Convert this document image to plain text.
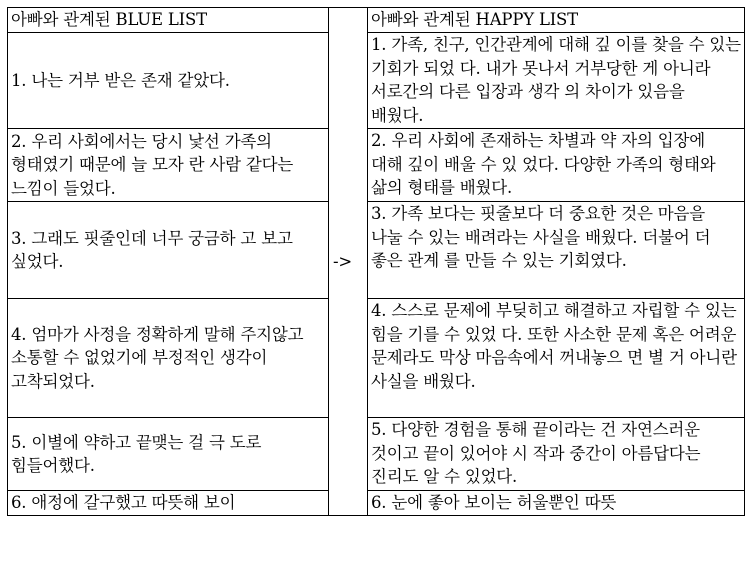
아빠와 관계된 BLUE LIST	->	아빠와 관계된 HAPPY LIST
1. 나는 거부 받은 존재 같았다.		1. 가족, 친구, 인간관계에 대해 깊 이를 찾을 수 있는 기회가 되었 다. 내가 못나서 거부당한 게 아니라 서로간의 다른 입장과 생각 의 차이가 있음을 배웠다.
2. 우리 사회에서는 당시 낯선 가족의 형태였기 때문에 늘 모자 란 사람 같다는 느낌이 들었다.		2. 우리 사회에 존재하는 차별과 약 자의 입장에 대해 깊이 배울 수 있 었다. 다양한 가족의 형태와 삶의 형태를 배웠다.
3. 그래도 핏줄인데 너무 궁금하 고 보고 싶었다.		3. 가족 보다는 핏줄보다 더 중요한 것은 마음을 나눌 수 있는 배려라는 사실을 배웠다. 더불어 더 좋은 관계 를 만들 수 있는 기회였다.
4. 엄마가 사정을 정확하게 말해 주지않고 소통할 수 없었기에 부정적인 생각이 고착되었다.		4. 스스로 문제에 부딪히고 해결하고 자립할 수 있는 힘을 기를 수 있었 다. 또한 사소한 문제 혹은 어려운 문제라도 막상 마음속에서 꺼내놓으 면 별 거 아니란 사실을 배웠다.
5. 이별에 약하고 끝맺는 걸 극 도로 힘들어했다.		5. 다양한 경험을 통해 끝이라는 건 자연스러운 것이고 끝이 있어야 시 작과 중간이 아름답다는 진리도 알 수 있었다.
6. 애정에 갈구했고 따뜻해 보이		6. 눈에 좋아 보이는 허울뿐인 따뜻
